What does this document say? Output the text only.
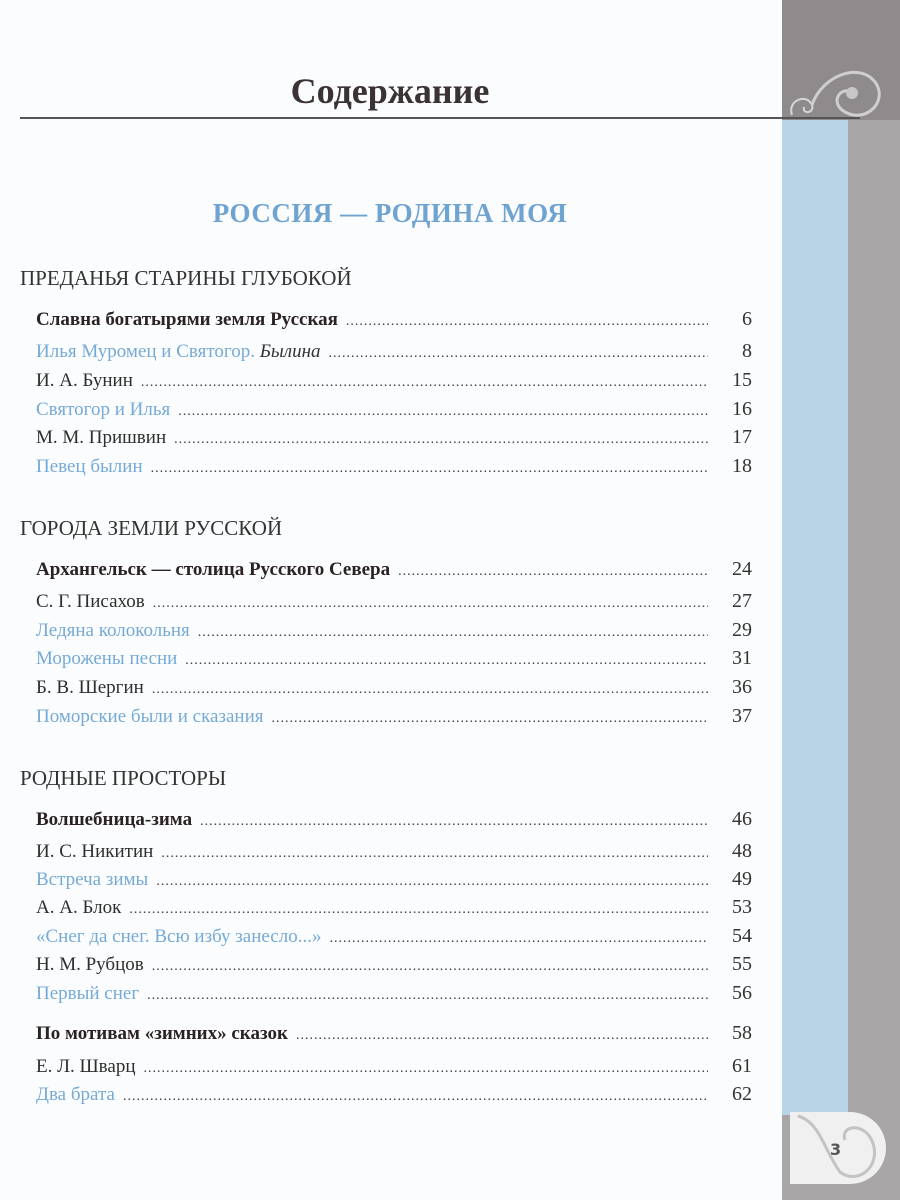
Содержание
РОССИЯ — РОДИНА МОЯ
ПРЕДАНЬЯ СТАРИНЫ ГЛУБОКОЙ
Славна богатырями земля Русская .....	6
Илья Муромец и Святогор. Былина .....	8
И. А. Бунин .....	15
Святогор и Илья .....	16
М. М. Пришвин .....	17
Певец былин .....	18
ГОРОДА ЗЕМЛИ РУССКОЙ
Архангельск — столица Русского Севера .....	24
С. Г. Писахов .....	27
Ледяна колокольня .....	29
Морожены песни .....	31
Б. В. Шергин .....	36
Поморские были и сказания .....	37
РОДНЫЕ ПРОСТОРЫ
Волшебница-зима .....	46
И. С. Никитин .....	48
Встреча зимы .....	49
А. А. Блок .....	53
«Снег да снег. Всю избу занесло...» .....	54
Н. М. Рубцов .....	55
Первый снег .....	56
По мотивам «зимних» сказок .....	58
Е. Л. Шварц .....	61
Два брата .....	62
3
